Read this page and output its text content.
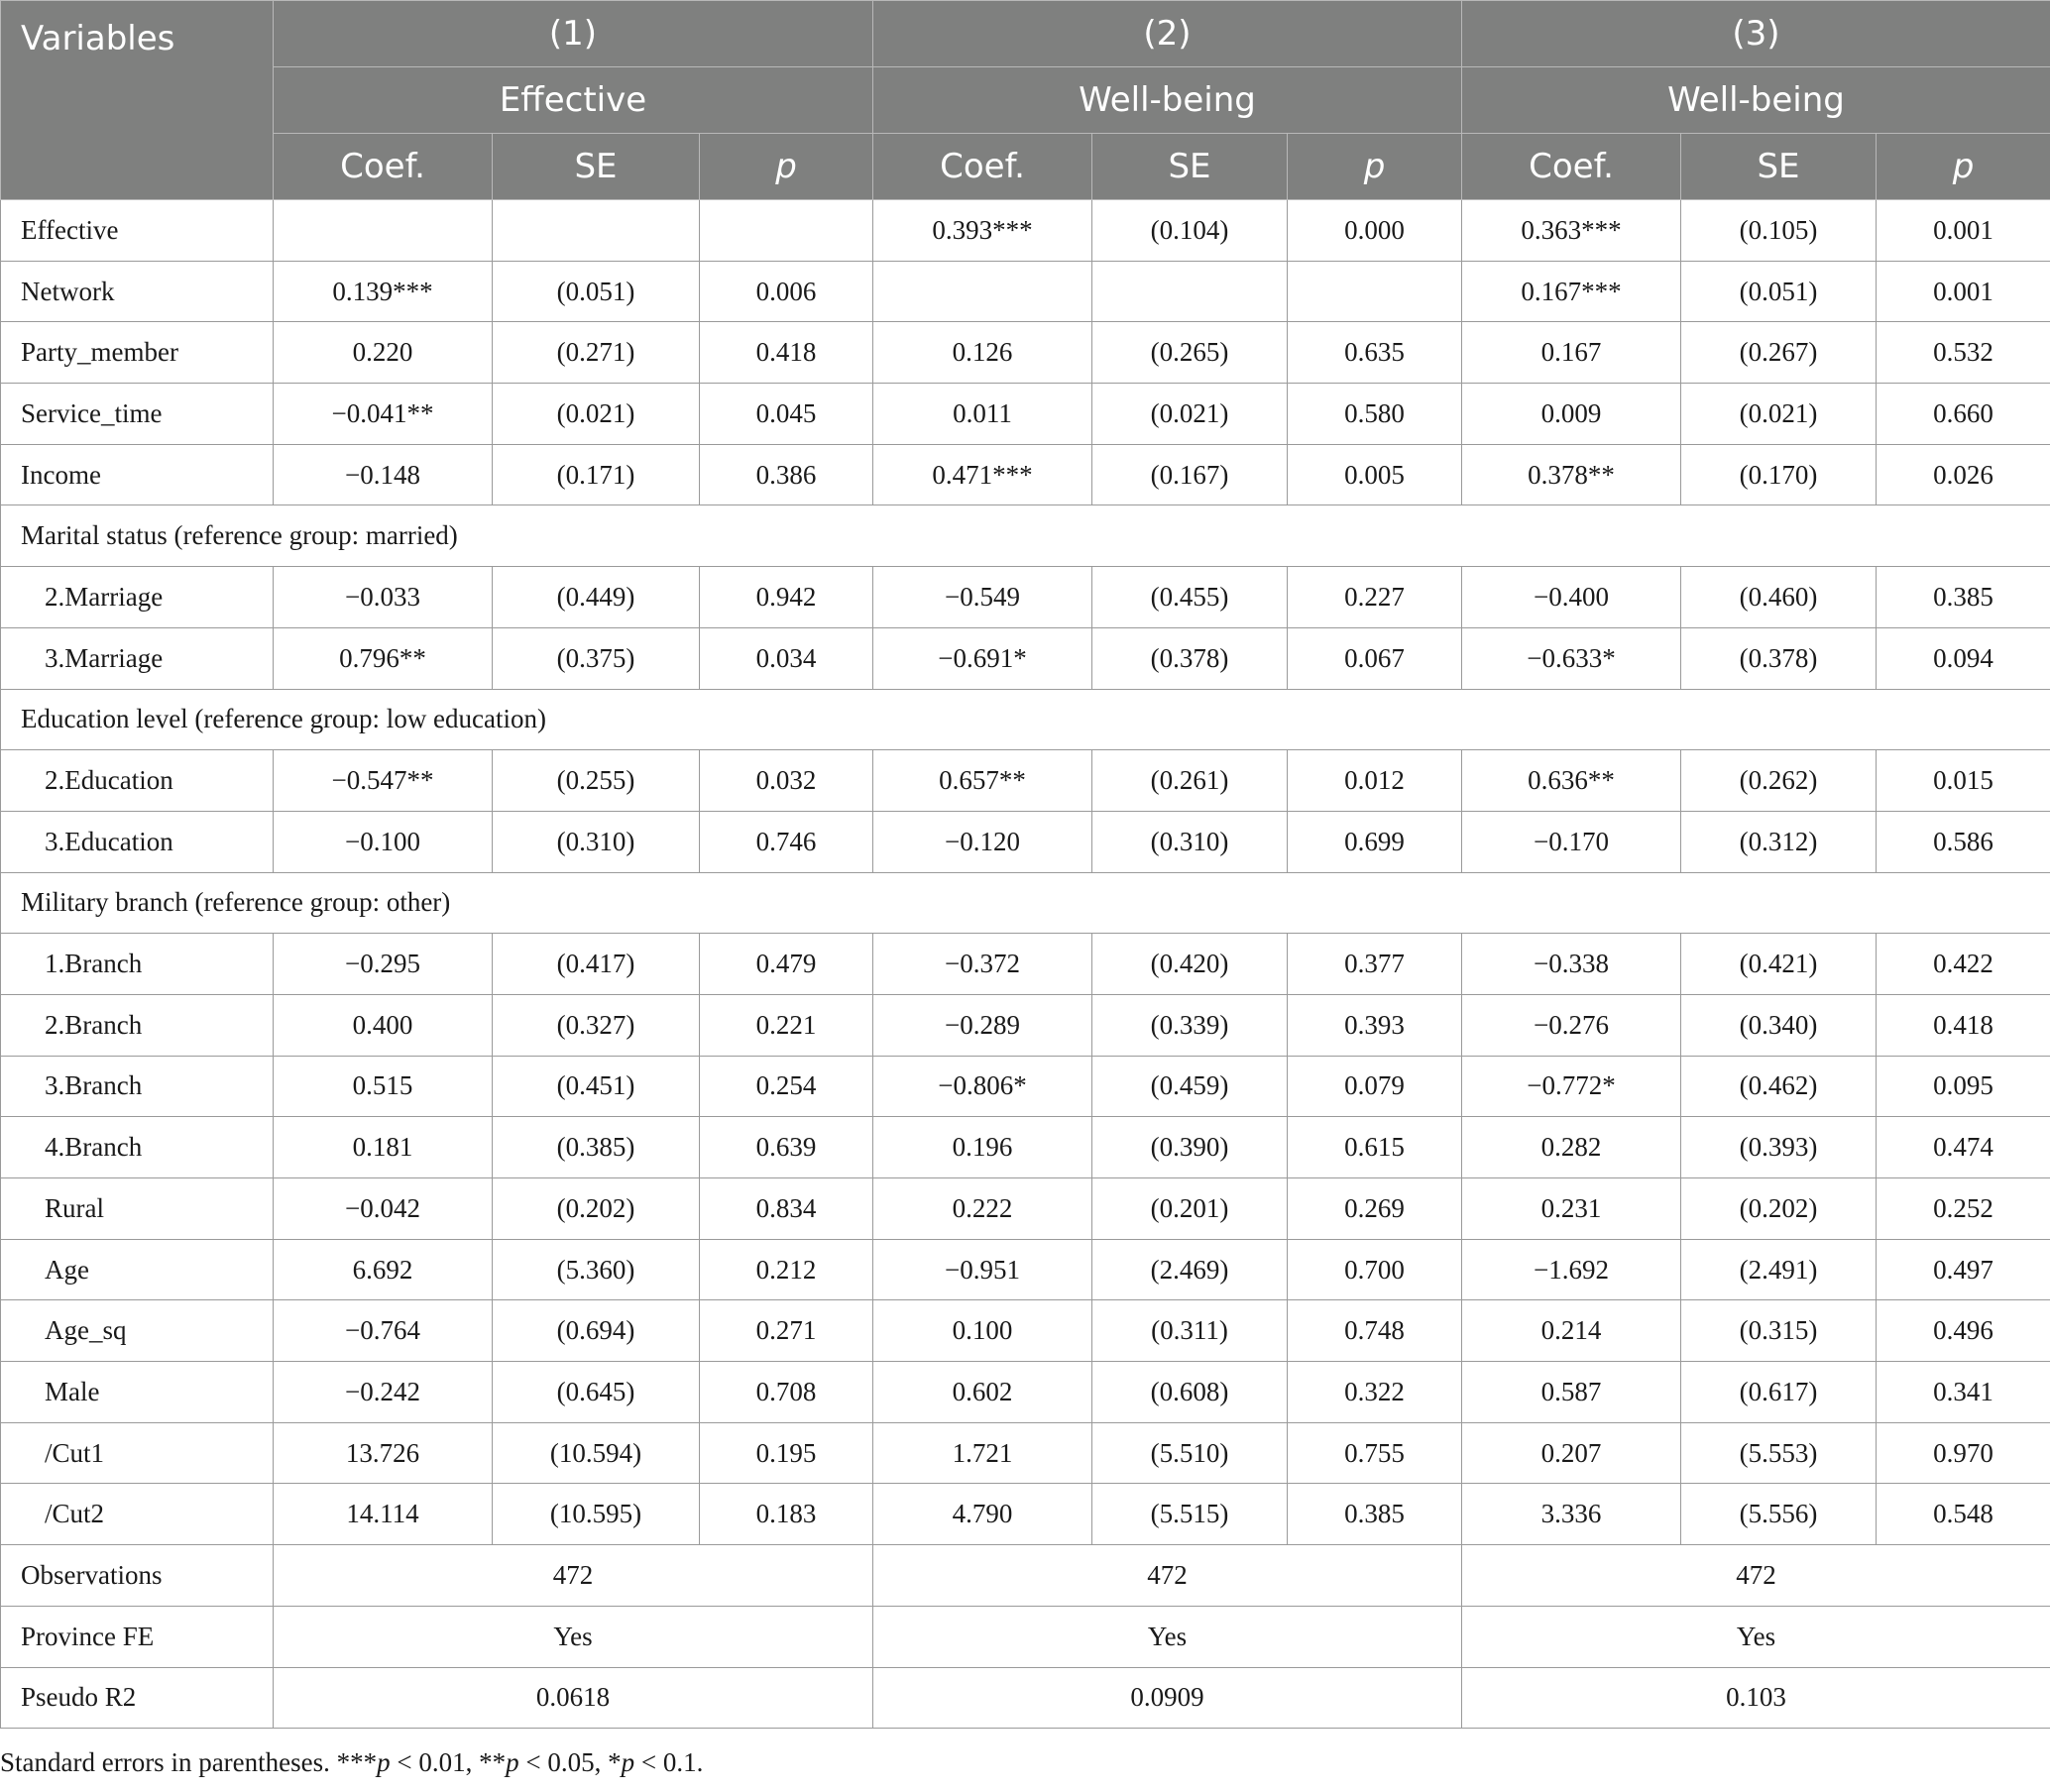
Variables	(1)			(2)			(3)		
	Effective			Well-being			Well-being		
	Coef.	SE	p	Coef.	SE	p	Coef.	SE	p
Effective				0.393***	(0.104)	0.000	0.363***	(0.105)	0.001
Network	0.139***	(0.051)	0.006				0.167***	(0.051)	0.001
Party_member	0.220	(0.271)	0.418	0.126	(0.265)	0.635	0.167	(0.267)	0.532
Service_time	−0.041**	(0.021)	0.045	0.011	(0.021)	0.580	0.009	(0.021)	0.660
Income	−0.148	(0.171)	0.386	0.471***	(0.167)	0.005	0.378**	(0.170)	0.026
Marital status (reference group: married)									
2.Marriage	−0.033	(0.449)	0.942	−0.549	(0.455)	0.227	−0.400	(0.460)	0.385
3.Marriage	0.796**	(0.375)	0.034	−0.691*	(0.378)	0.067	−0.633*	(0.378)	0.094
Education level (reference group: low education)									
2.Education	−0.547**	(0.255)	0.032	0.657**	(0.261)	0.012	0.636**	(0.262)	0.015
3.Education	−0.100	(0.310)	0.746	−0.120	(0.310)	0.699	−0.170	(0.312)	0.586
Military branch (reference group: other)									
1.Branch	−0.295	(0.417)	0.479	−0.372	(0.420)	0.377	−0.338	(0.421)	0.422
2.Branch	0.400	(0.327)	0.221	−0.289	(0.339)	0.393	−0.276	(0.340)	0.418
3.Branch	0.515	(0.451)	0.254	−0.806*	(0.459)	0.079	−0.772*	(0.462)	0.095
4.Branch	0.181	(0.385)	0.639	0.196	(0.390)	0.615	0.282	(0.393)	0.474
Rural	−0.042	(0.202)	0.834	0.222	(0.201)	0.269	0.231	(0.202)	0.252
Age	6.692	(5.360)	0.212	−0.951	(2.469)	0.700	−1.692	(2.491)	0.497
Age_sq	−0.764	(0.694)	0.271	0.100	(0.311)	0.748	0.214	(0.315)	0.496
Male	−0.242	(0.645)	0.708	0.602	(0.608)	0.322	0.587	(0.617)	0.341
/Cut1	13.726	(10.594)	0.195	1.721	(5.510)	0.755	0.207	(5.553)	0.970
/Cut2	14.114	(10.595)	0.183	4.790	(5.515)	0.385	3.336	(5.556)	0.548
Observations	472			472			472		
Province FE	Yes			Yes			Yes		
Pseudo R2	0.0618			0.0909			0.103		
Standard errors in parentheses. ***p < 0.01, **p < 0.05, *p < 0.1.
